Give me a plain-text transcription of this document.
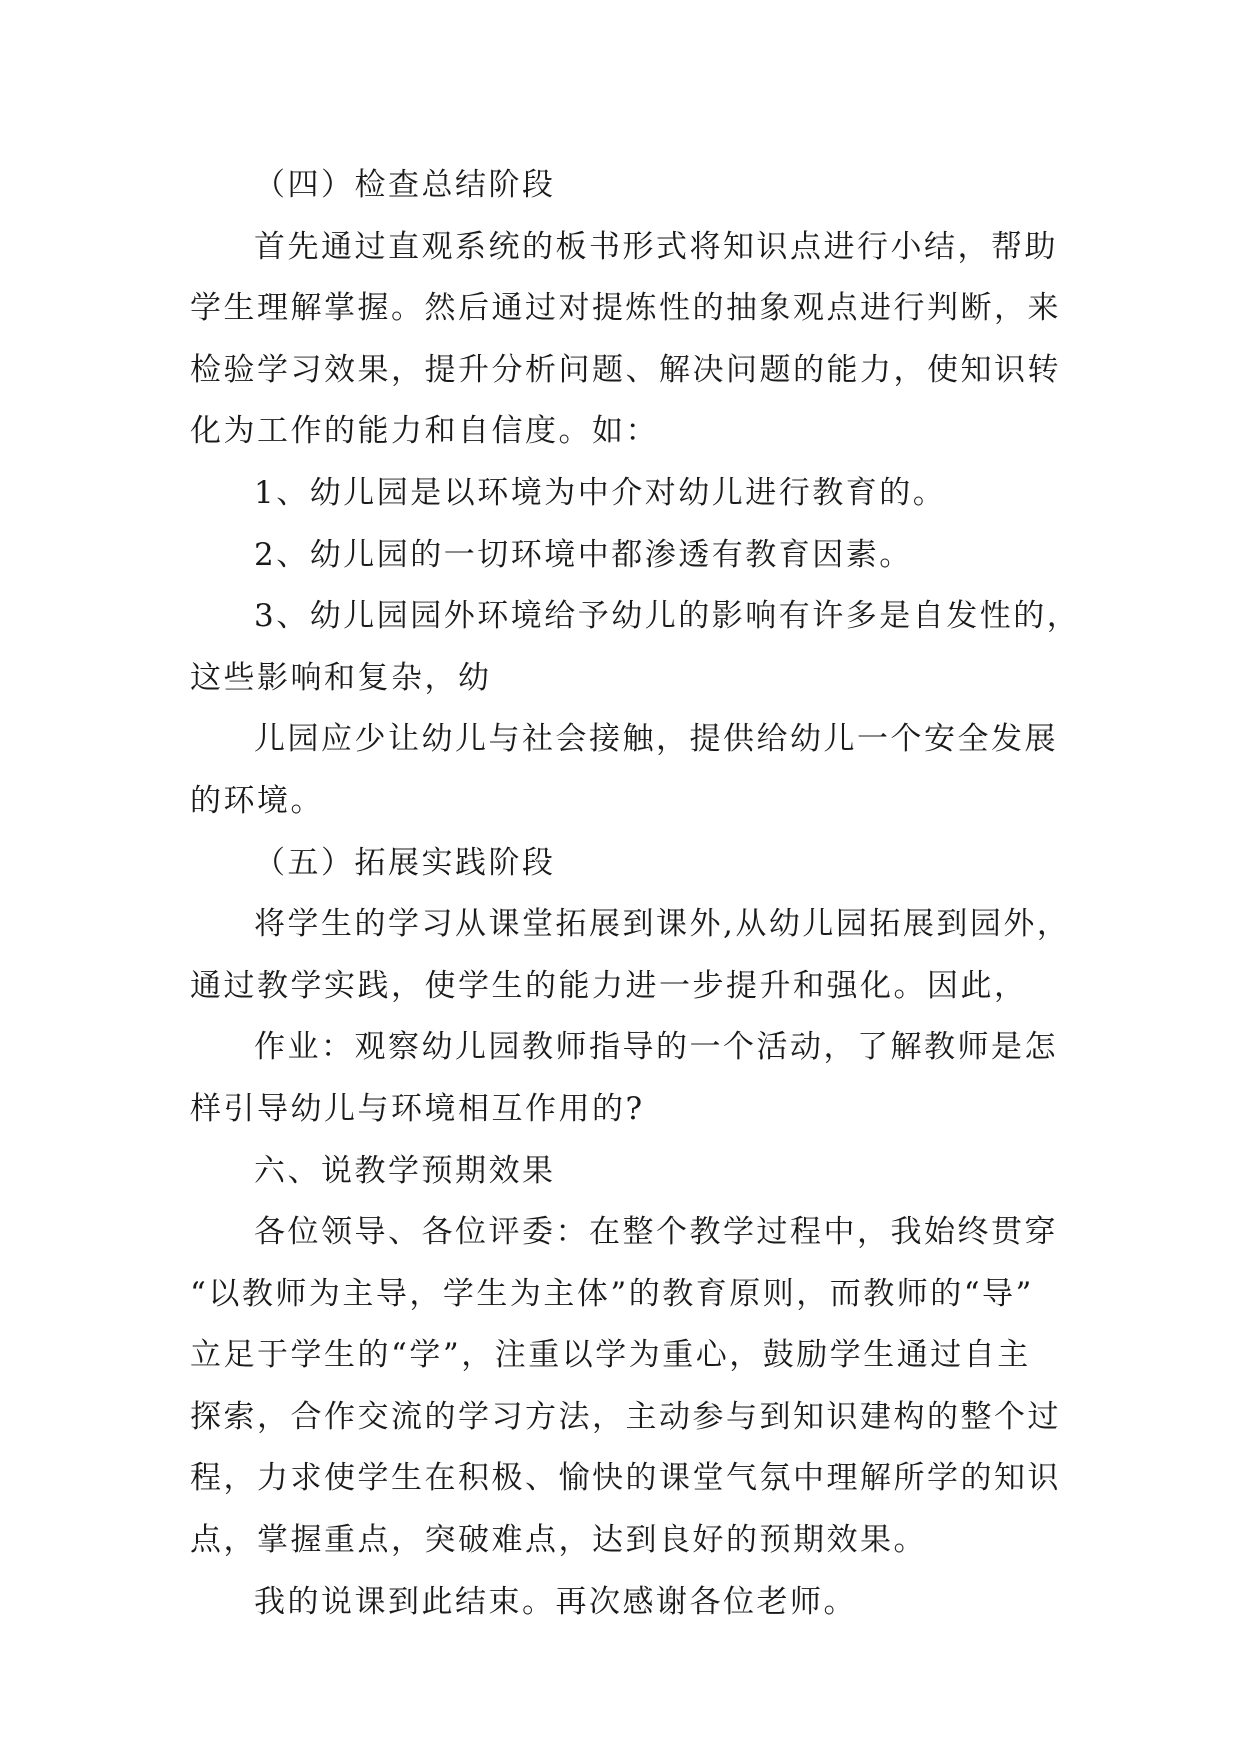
（四）检查总结阶段
首先通过直观系统的板书形式将知识点进行小结，帮助
学生理解掌握。然后通过对提炼性的抽象观点进行判断，来
检验学习效果，提升分析问题、解决问题的能力，使知识转
化为工作的能力和自信度。如：
1、幼儿园是以环境为中介对幼儿进行教育的。
2、幼儿园的一切环境中都渗透有教育因素。
3、幼儿园园外环境给予幼儿的影响有许多是自发性的，
这些影响和复杂，幼
儿园应少让幼儿与社会接触，提供给幼儿一个安全发展
的环境。
（五）拓展实践阶段
将学生的学习从课堂拓展到课外,从幼儿园拓展到园外，
通过教学实践，使学生的能力进一步提升和强化。因此，
作业：观察幼儿园教师指导的一个活动，了解教师是怎
样引导幼儿与环境相互作用的?
六、说教学预期效果
各位领导、各位评委：在整个教学过程中，我始终贯穿
“以教师为主导，学生为主体”的教育原则，而教师的“导”
立足于学生的“学”，注重以学为重心，鼓励学生通过自主
探索，合作交流的学习方法，主动参与到知识建构的整个过
程，力求使学生在积极、愉快的课堂气氛中理解所学的知识
点，掌握重点，突破难点，达到良好的预期效果。
我的说课到此结束。再次感谢各位老师。
